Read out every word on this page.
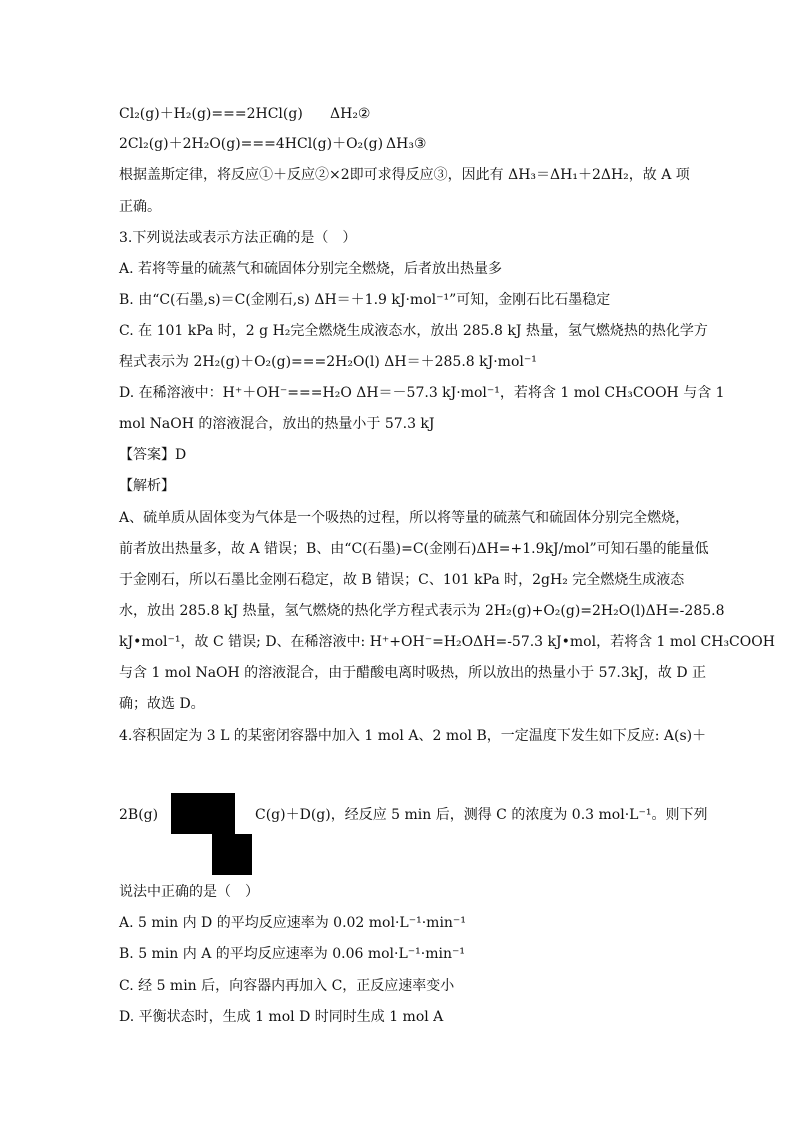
Cl₂(g)＋H₂(g)===2HCl(g) ΔH₂②
2Cl₂(g)＋2H₂O(g)===4HCl(g)＋O₂(g) ΔH₃③
根据盖斯定律，将反应①＋反应②×2即可求得反应③，因此有 ΔH₃＝ΔH₁＋2ΔH₂，故 A 项
正确。
3.下列说法或表示方法正确的是（　）
A. 若将等量的硫蒸气和硫固体分别完全燃烧，后者放出热量多
B. 由“C(石墨,s)＝C(金刚石,s) ΔH＝＋1.9 kJ·mol⁻¹”可知，金刚石比石墨稳定
C. 在 101 kPa 时，2 g H₂完全燃烧生成液态水，放出 285.8 kJ 热量，氢气燃烧热的热化学方
程式表示为 2H₂(g)＋O₂(g)===2H₂O(l) ΔH＝＋285.8 kJ·mol⁻¹
D. 在稀溶液中：H⁺＋OH⁻===H₂O ΔH＝－57.3 kJ·mol⁻¹，若将含 1 mol CH₃COOH 与含 1
mol NaOH 的溶液混合，放出的热量小于 57.3 kJ
【答案】D
【解析】
A、硫单质从固体变为气体是一个吸热的过程，所以将等量的硫蒸气和硫固体分别完全燃烧，
前者放出热量多，故 A 错误；B、由“C(石墨)=C(金刚石)ΔH=+1.9kJ/mol”可知石墨的能量低
于金刚石，所以石墨比金刚石稳定，故 B 错误；C、101 kPa 时，2gH₂ 完全燃烧生成液态
水，放出 285.8 kJ 热量，氢气燃烧的热化学方程式表示为 2H₂(g)+O₂(g)=2H₂O(l)ΔH=-285.8
kJ•mol⁻¹，故 C 错误; D、在稀溶液中: H⁺+OH⁻=H₂OΔH=-57.3 kJ•mol，若将含 1 mol CH₃COOH
与含 1 mol NaOH 的溶液混合，由于醋酸电离时吸热，所以放出的热量小于 57.3kJ，故 D 正
确；故选 D。
4.容积固定为 3 L 的某密闭容器中加入 1 mol A、2 mol B，一定温度下发生如下反应: A(s)＋
2B(g)	C(g)＋D(g)，经反应 5 min 后，测得 C 的浓度为 0.3 mol·L⁻¹。则下列
说法中正确的是（　）
A. 5 min 内 D 的平均反应速率为 0.02 mol·L⁻¹·min⁻¹
B. 5 min 内 A 的平均反应速率为 0.06 mol·L⁻¹·min⁻¹
C. 经 5 min 后，向容器内再加入 C，正反应速率变小
D. 平衡状态时，生成 1 mol D 时同时生成 1 mol A
